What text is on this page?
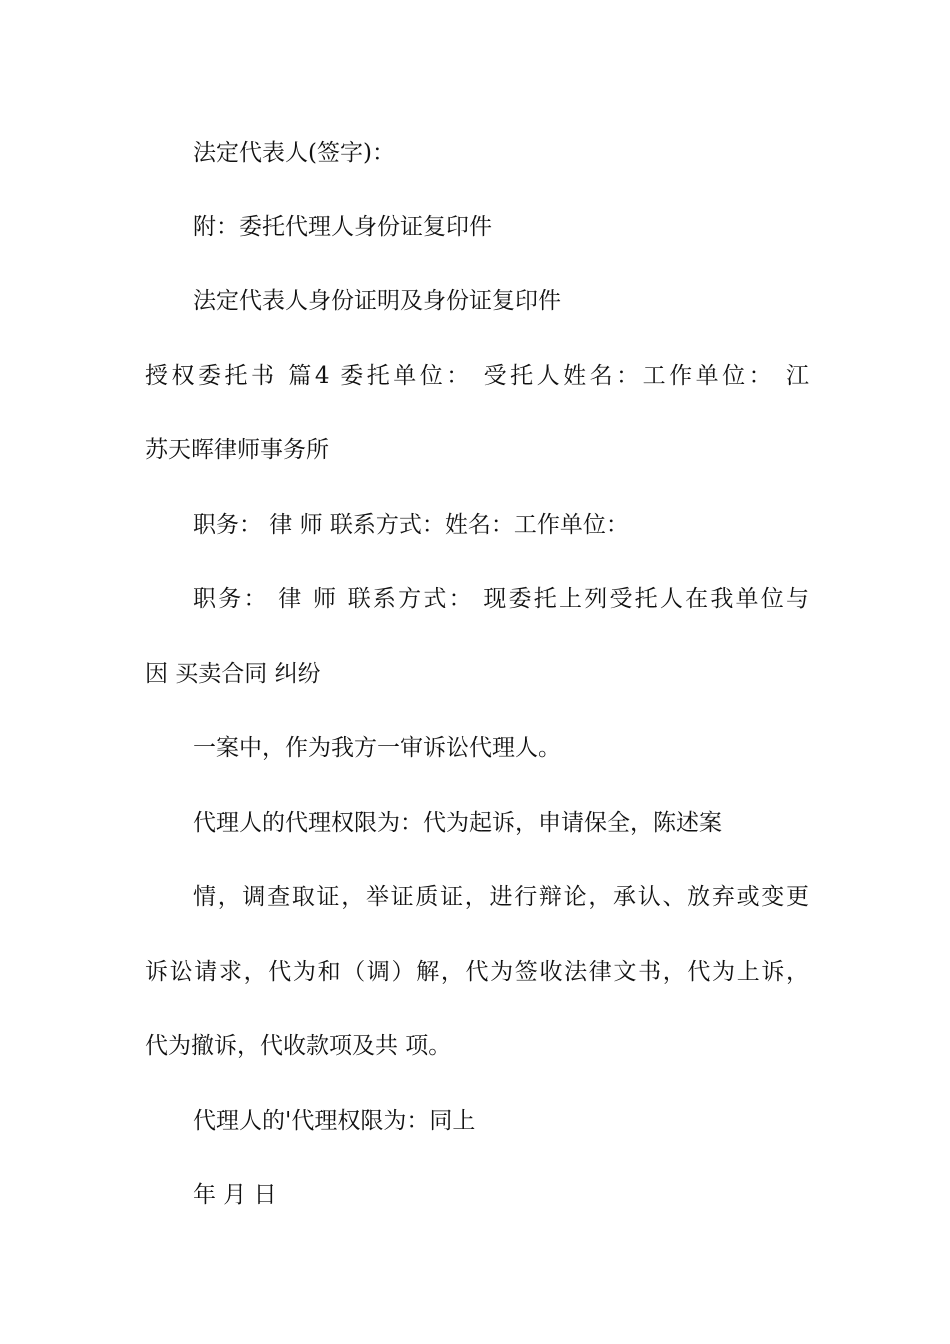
法定代表人(签字)：

附：委托代理人身份证复印件

法定代表人身份证明及身份证复印件

授权委托书 篇4 委托单位： 受托人姓名：工作单位： 江

苏天晖律师事务所

职务： 律 师 联系方式：姓名：工作单位：

职务： 律 师 联系方式： 现委托上列受托人在我单位与

因 买卖合同 纠纷

一案中，作为我方一审诉讼代理人。

代理人的代理权限为：代为起诉，申请保全，陈述案

情，调查取证，举证质证，进行辩论，承认、放弃或变更

诉讼请求，代为和（调）解，代为签收法律文书，代为上诉，

代为撤诉，代收款项及共 项。

代理人的'代理权限为：同上

年 月 日
